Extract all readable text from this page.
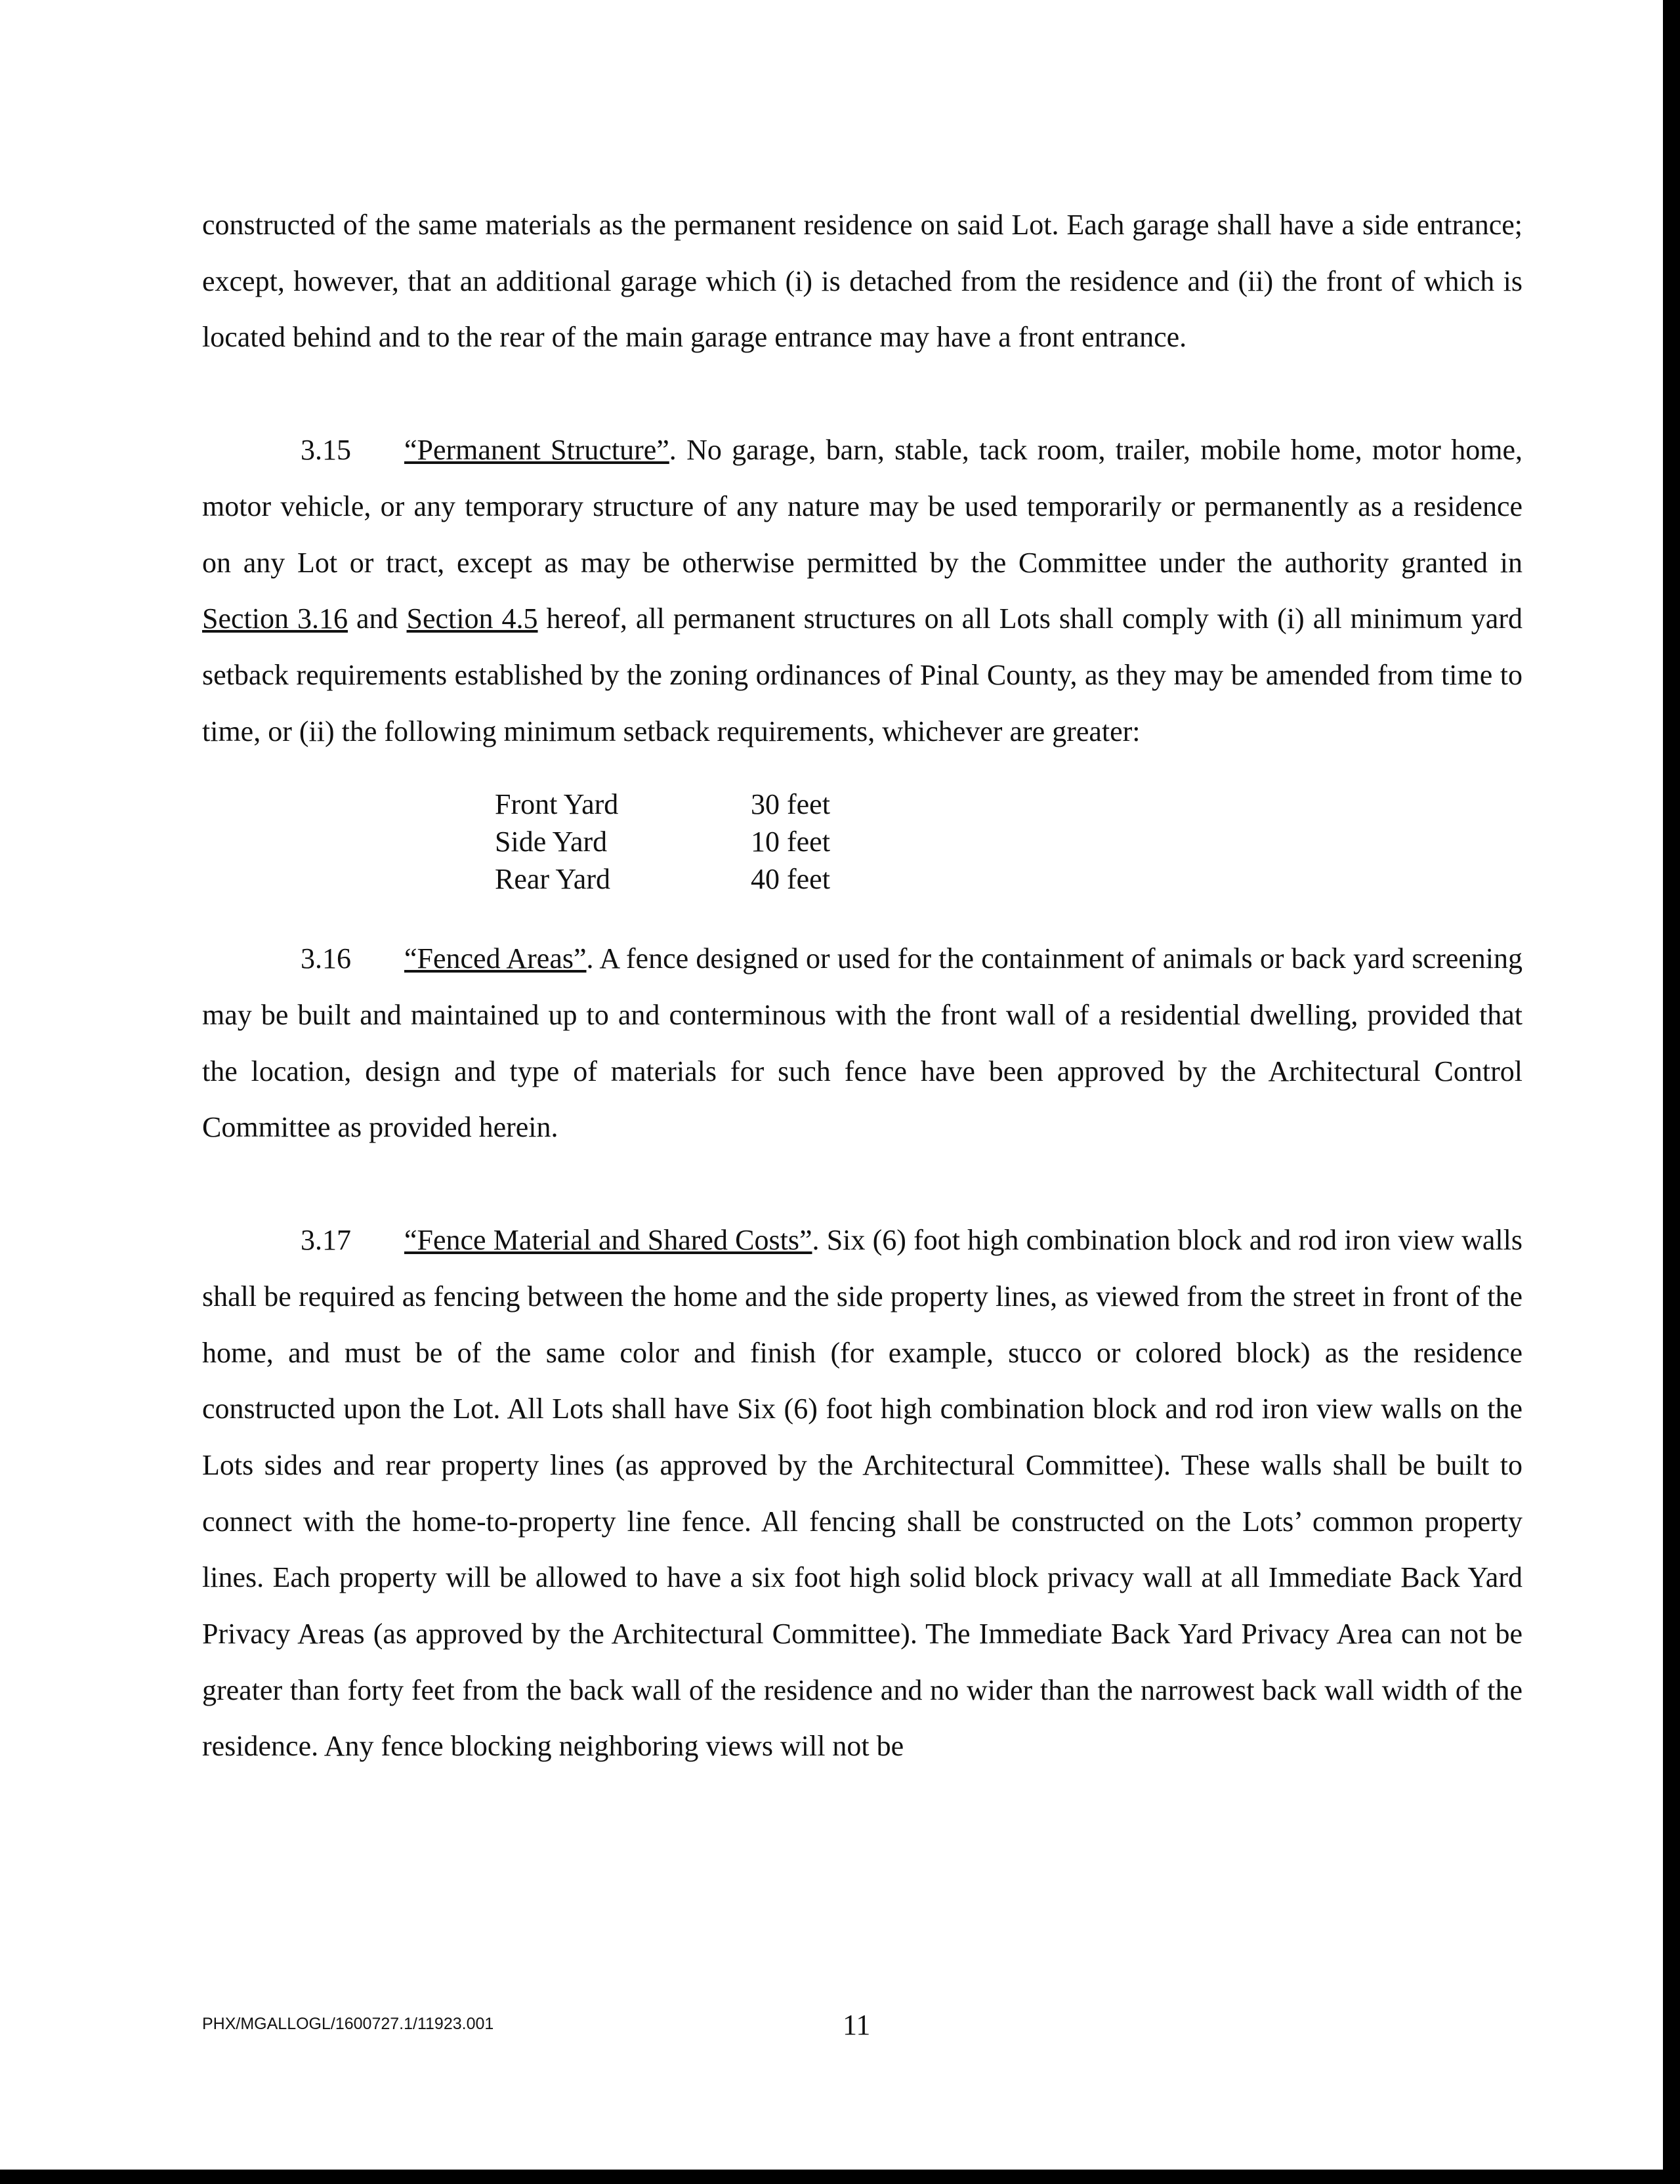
constructed of the same materials as the permanent residence on said Lot. Each garage shall have a side entrance; except, however, that an additional garage which (i) is detached from the residence and (ii) the front of which is located behind and to the rear of the main garage entrance may have a front entrance.

3.15 “Permanent Structure”. No garage, barn, stable, tack room, trailer, mobile home, motor home, motor vehicle, or any temporary structure of any nature may be used temporarily or permanently as a residence on any Lot or tract, except as may be otherwise permitted by the Committee under the authority granted in Section 3.16 and Section 4.5 hereof, all permanent structures on all Lots shall comply with (i) all minimum yard setback requirements established by the zoning ordinances of Pinal County, as they may be amended from time to time, or (ii) the following minimum setback requirements, whichever are greater:

Front Yard	30 feet
Side Yard	10 feet
Rear Yard	40 feet

3.16 “Fenced Areas”. A fence designed or used for the containment of animals or back yard screening may be built and maintained up to and conterminous with the front wall of a residential dwelling, provided that the location, design and type of materials for such fence have been approved by the Architectural Control Committee as provided herein.

3.17 “Fence Material and Shared Costs”. Six (6) foot high combination block and rod iron view walls shall be required as fencing between the home and the side property lines, as viewed from the street in front of the home, and must be of the same color and finish (for example, stucco or colored block) as the residence constructed upon the Lot. All Lots shall have Six (6) foot high combination block and rod iron view walls on the Lots sides and rear property lines (as approved by the Architectural Committee). These walls shall be built to connect with the home-to-property line fence. All fencing shall be constructed on the Lots’ common property lines. Each property will be allowed to have a six foot high solid block privacy wall at all Immediate Back Yard Privacy Areas (as approved by the Architectural Committee). The Immediate Back Yard Privacy Area can not be greater than forty feet from the back wall of the residence and no wider than the narrowest back wall width of the residence. Any fence blocking neighboring views will not be

PHX/MGALLOGL/1600727.1/11923.001	11
